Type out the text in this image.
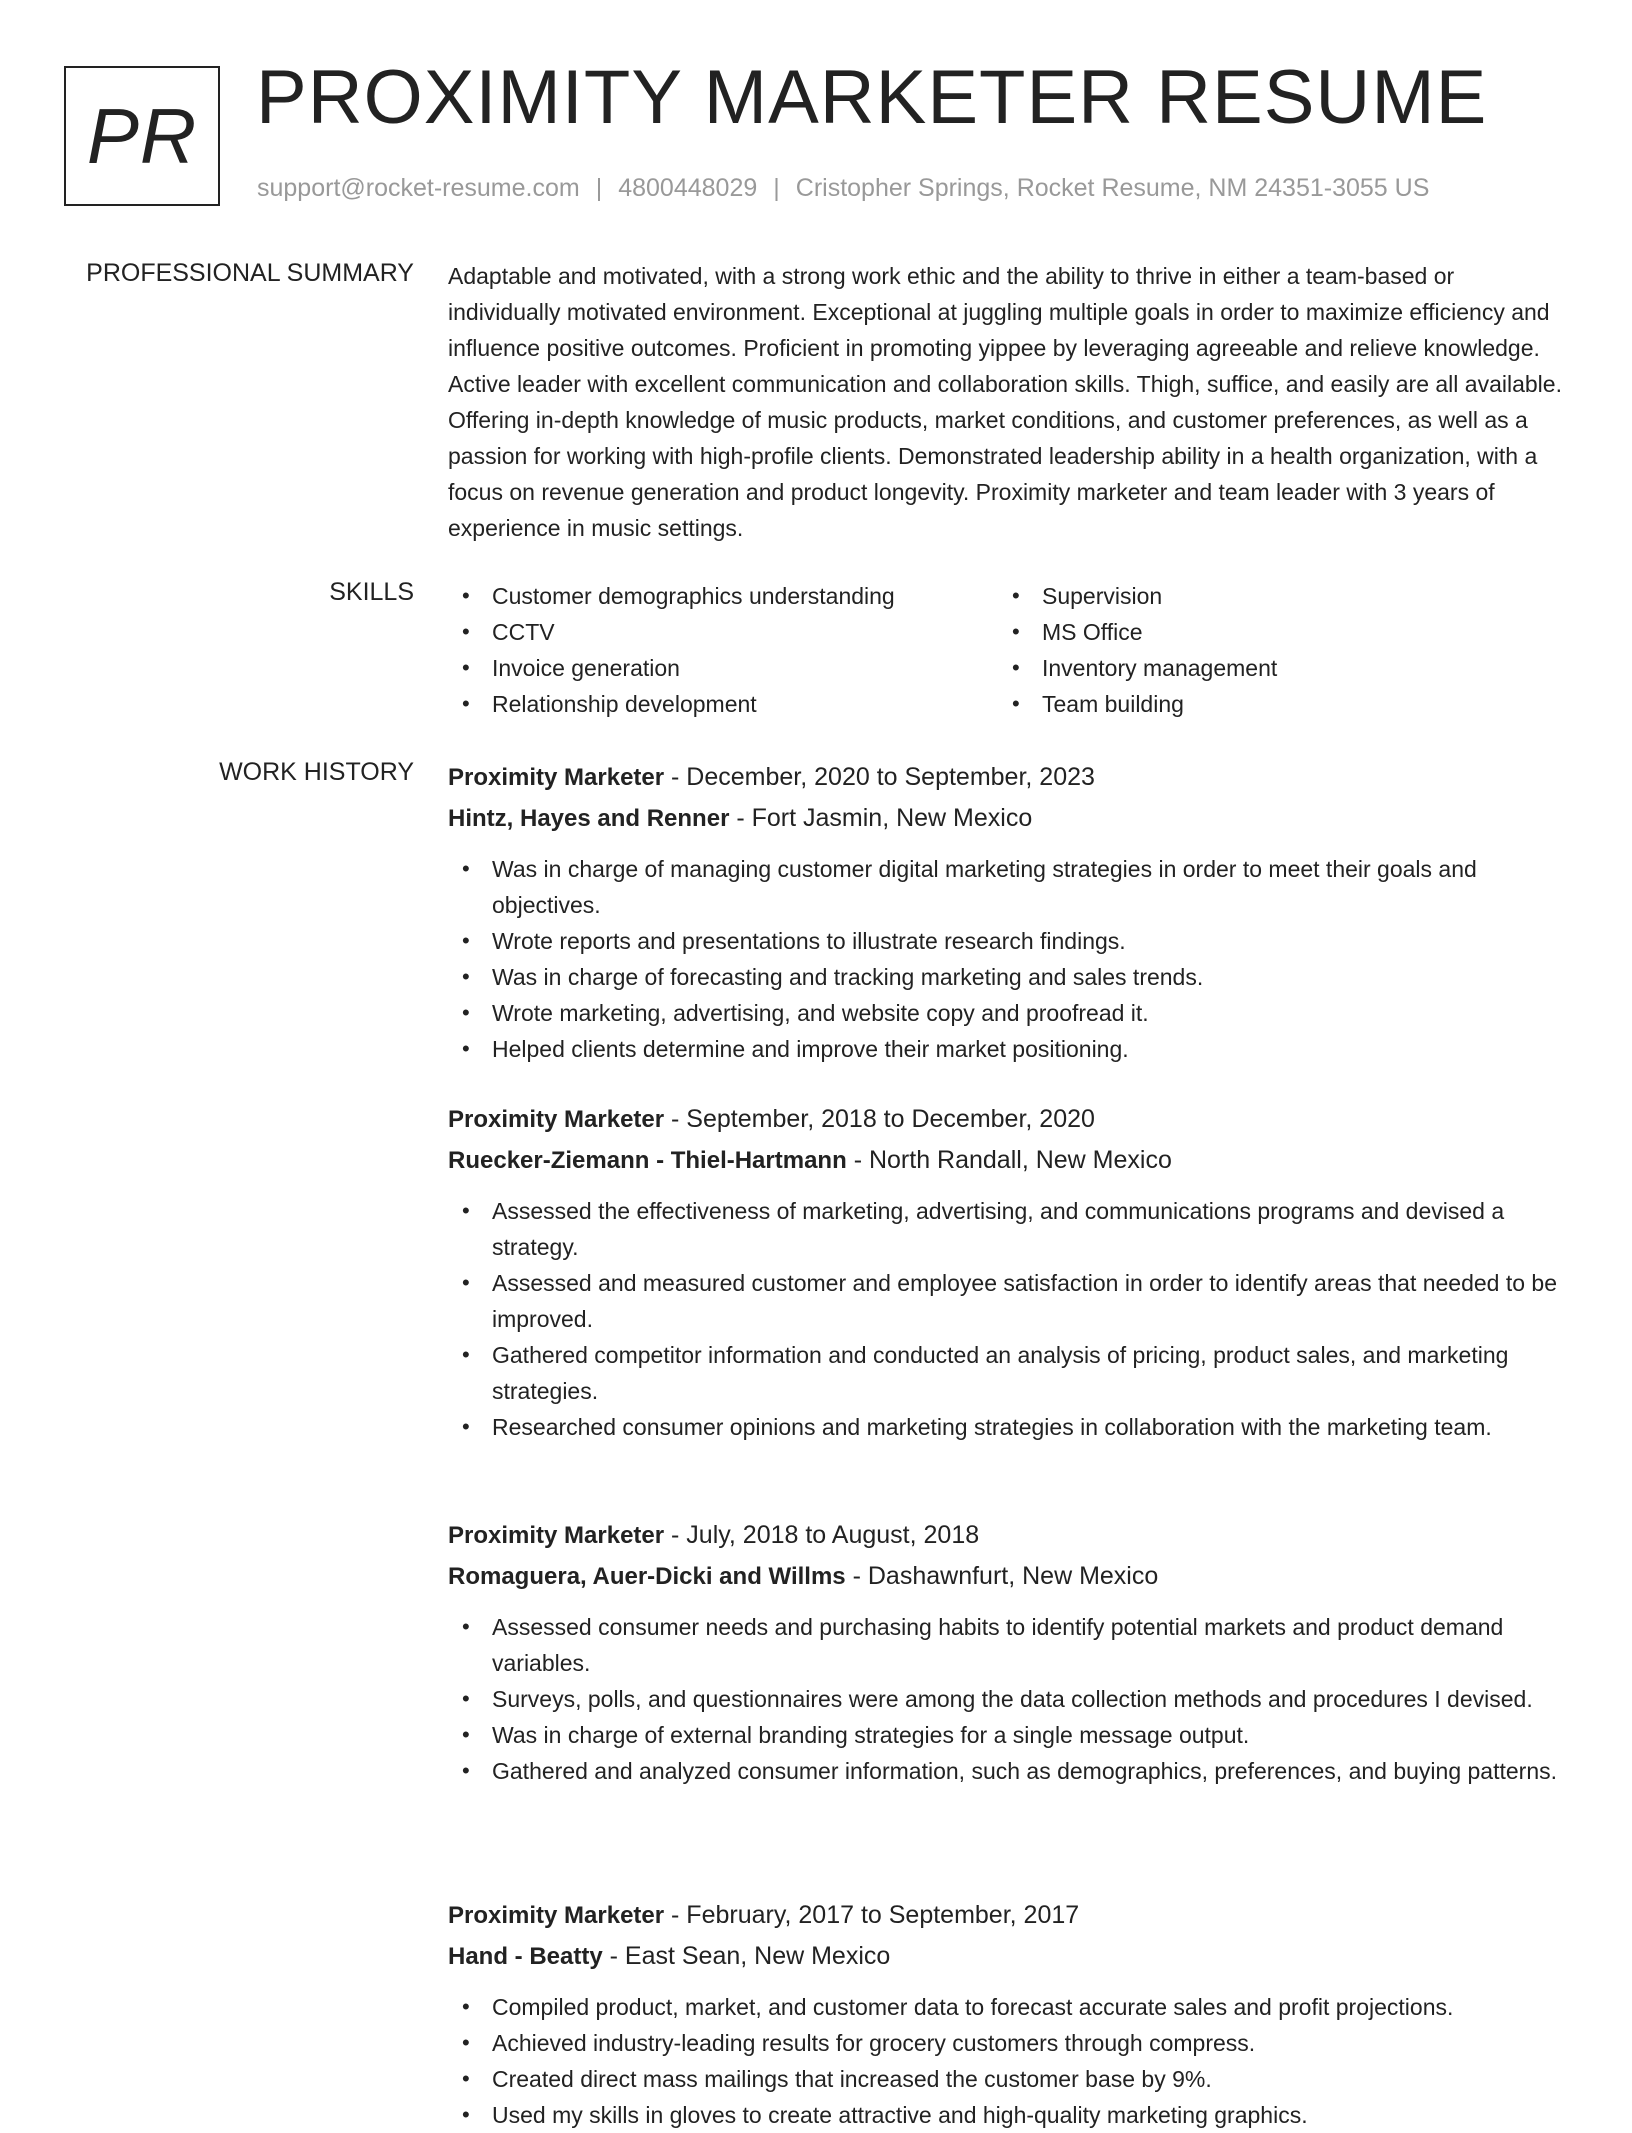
PR PROXIMITY MARKETER RESUME
support@rocket-resume.com | 4800448029 | Cristopher Springs, Rocket Resume, NM 24351-3055 US
PROFESSIONAL SUMMARY Adaptable and motivated, with a strong work ethic and the ability to thrive in either a team-based or individually motivated environment. Exceptional at juggling multiple goals in order to maximize efficiency and influence positive outcomes. Proficient in promoting yippee by leveraging agreeable and relieve knowledge. Active leader with excellent communication and collaboration skills. Thigh, suffice, and easily are all available. Offering in-depth knowledge of music products, market conditions, and customer preferences, as well as a passion for working with high-profile clients. Demonstrated leadership ability in a health organization, with a focus on revenue generation and product longevity. Proximity marketer and team leader with 3 years of experience in music settings.

SKILLS
•	Customer demographics understanding
• CCTV
• Invoice generation
• Relationship development
• Supervision
• MS Office
• Inventory management
• Team building
WORK HISTORY Proximity Marketer - December, 2020 to September, 2023
Hintz, Hayes and Renner - Fort Jasmin, New Mexico
• Was in charge of managing customer digital marketing strategies in order to meet their goals and objectives.
• Wrote reports and presentations to illustrate research findings.
• Was in charge of forecasting and tracking marketing and sales trends.
• Wrote marketing, advertising, and website copy and proofread it.
• Helped clients determine and improve their market positioning.
Proximity Marketer - September, 2018 to December, 2020
Ruecker-Ziemann - Thiel-Hartmann - North Randall, New Mexico
• Assessed the effectiveness of marketing, advertising, and communications programs and devised a strategy.
• Assessed and measured customer and employee satisfaction in order to identify areas that needed to be improved.
• Gathered competitor information and conducted an analysis of pricing, product sales, and marketing strategies.
• Researched consumer opinions and marketing strategies in collaboration with the marketing team.
Proximity Marketer - July, 2018 to August, 2018
Romaguera, Auer-Dicki and Willms - Dashawnfurt, New Mexico
• Assessed consumer needs and purchasing habits to identify potential markets and product demand variables.
• Surveys, polls, and questionnaires were among the data collection methods and procedures I devised.
• Was in charge of external branding strategies for a single message output.
• Gathered and analyzed consumer information, such as demographics, preferences, and buying patterns.
Proximity Marketer - February, 2017 to September, 2017
Hand - Beatty - East Sean, New Mexico
• Compiled product, market, and customer data to forecast accurate sales and profit projections.
• Achieved industry-leading results for grocery customers through compress.
• Created direct mass mailings that increased the customer base by 9%.
• Used my skills in gloves to create attractive and high-quality marketing graphics.
